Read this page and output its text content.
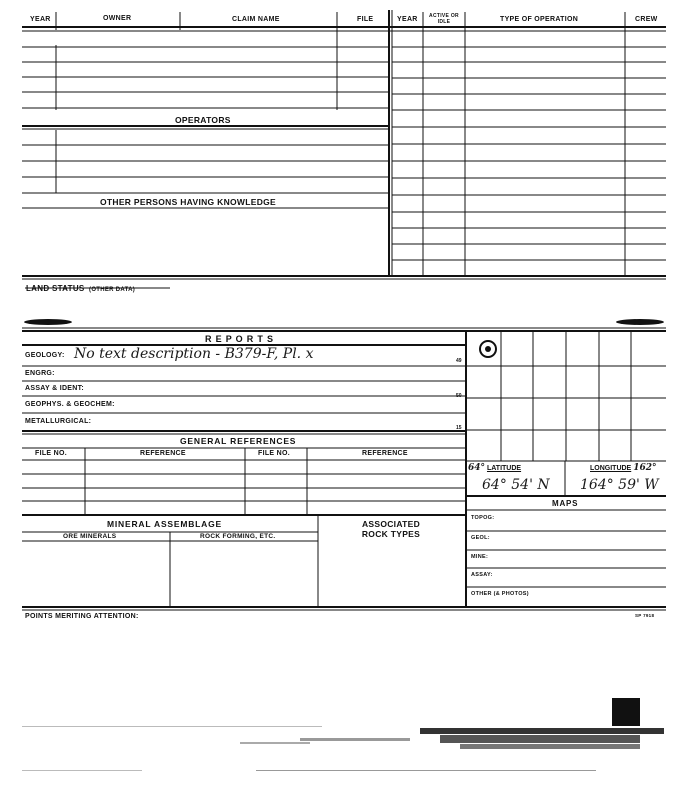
YEAR	OWNER	CLAIM NAME	FILE	YEAR	ACTIVE OR IDLE	TYPE OF OPERATION	CREW
OPERATORS
OTHER PERSONS HAVING KNOWLEDGE
LAND STATUS (OTHER DATA)
R E P O R T S
GEOLOGY: No text description - B379-F, Pl. x	49
ENGRG:
ASSAY & IDENT:
50
GEOPHYS. & GEOCHEM:
METALLURGICAL:
15
GENERAL REFERENCES
FILE NO.	REFERENCE	FILE NO.	REFERENCE
MINERAL ASSEMBLAGE
ORE MINERALS	ROCK FORMING, ETC.
ASSOCIATED ROCK TYPES
64° LATITUDE	LONGITUDE 162°
64° 54' N 164° 59' W
MAPS
TOPOG:
GEOL:
MINE:
ASSAY:
OTHER (& PHOTOS)
POINTS MERITING ATTENTION:	SP 7918
